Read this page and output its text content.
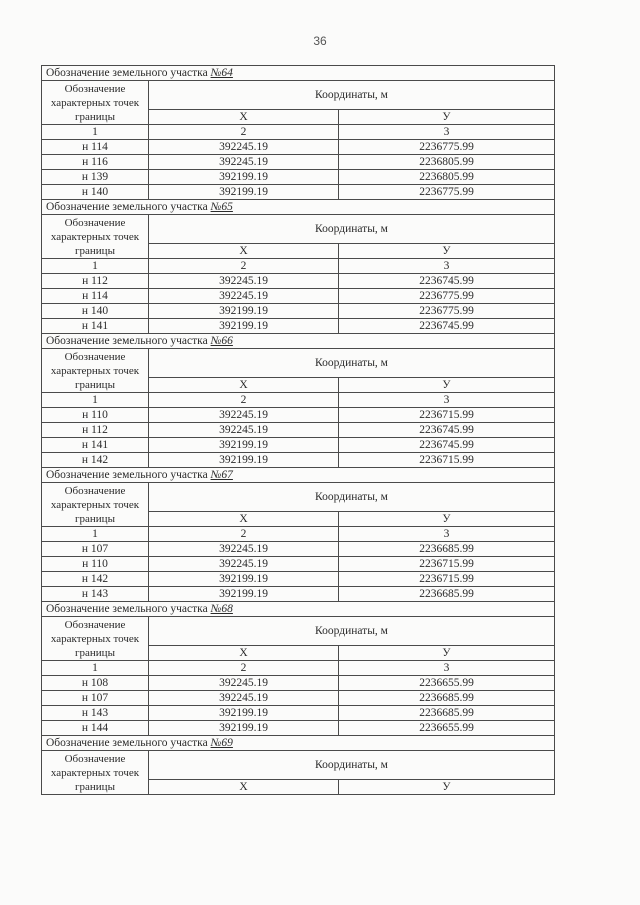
36
Обозначение земельного участка №64		
Обозначение характерных точек границы	Координаты, м	
	Х	У
1	2	3
н 114	392245.19	2236775.99
н 116	392245.19	2236805.99
н 139	392199.19	2236805.99
н 140	392199.19	2236775.99
Обозначение земельного участка №65		
Обозначение характерных точек границы	Координаты, м	
	Х	У
1	2	3
н 112	392245.19	2236745.99
н 114	392245.19	2236775.99
н 140	392199.19	2236775.99
н 141	392199.19	2236745.99
Обозначение земельного участка №66		
Обозначение характерных точек границы	Координаты, м	
	Х	У
1	2	3
н 110	392245.19	2236715.99
н 112	392245.19	2236745.99
н 141	392199.19	2236745.99
н 142	392199.19	2236715.99
Обозначение земельного участка №67		
Обозначение характерных точек границы	Координаты, м	
	Х	У
1	2	3
н 107	392245.19	2236685.99
н 110	392245.19	2236715.99
н 142	392199.19	2236715.99
н 143	392199.19	2236685.99
Обозначение земельного участка №68		
Обозначение характерных точек границы	Координаты, м	
	Х	У
1	2	3
н 108	392245.19	2236655.99
н 107	392245.19	2236685.99
н 143	392199.19	2236685.99
н 144	392199.19	2236655.99
Обозначение земельного участка №69		
Обозначение характерных точек границы	Координаты, м	
	Х	У
